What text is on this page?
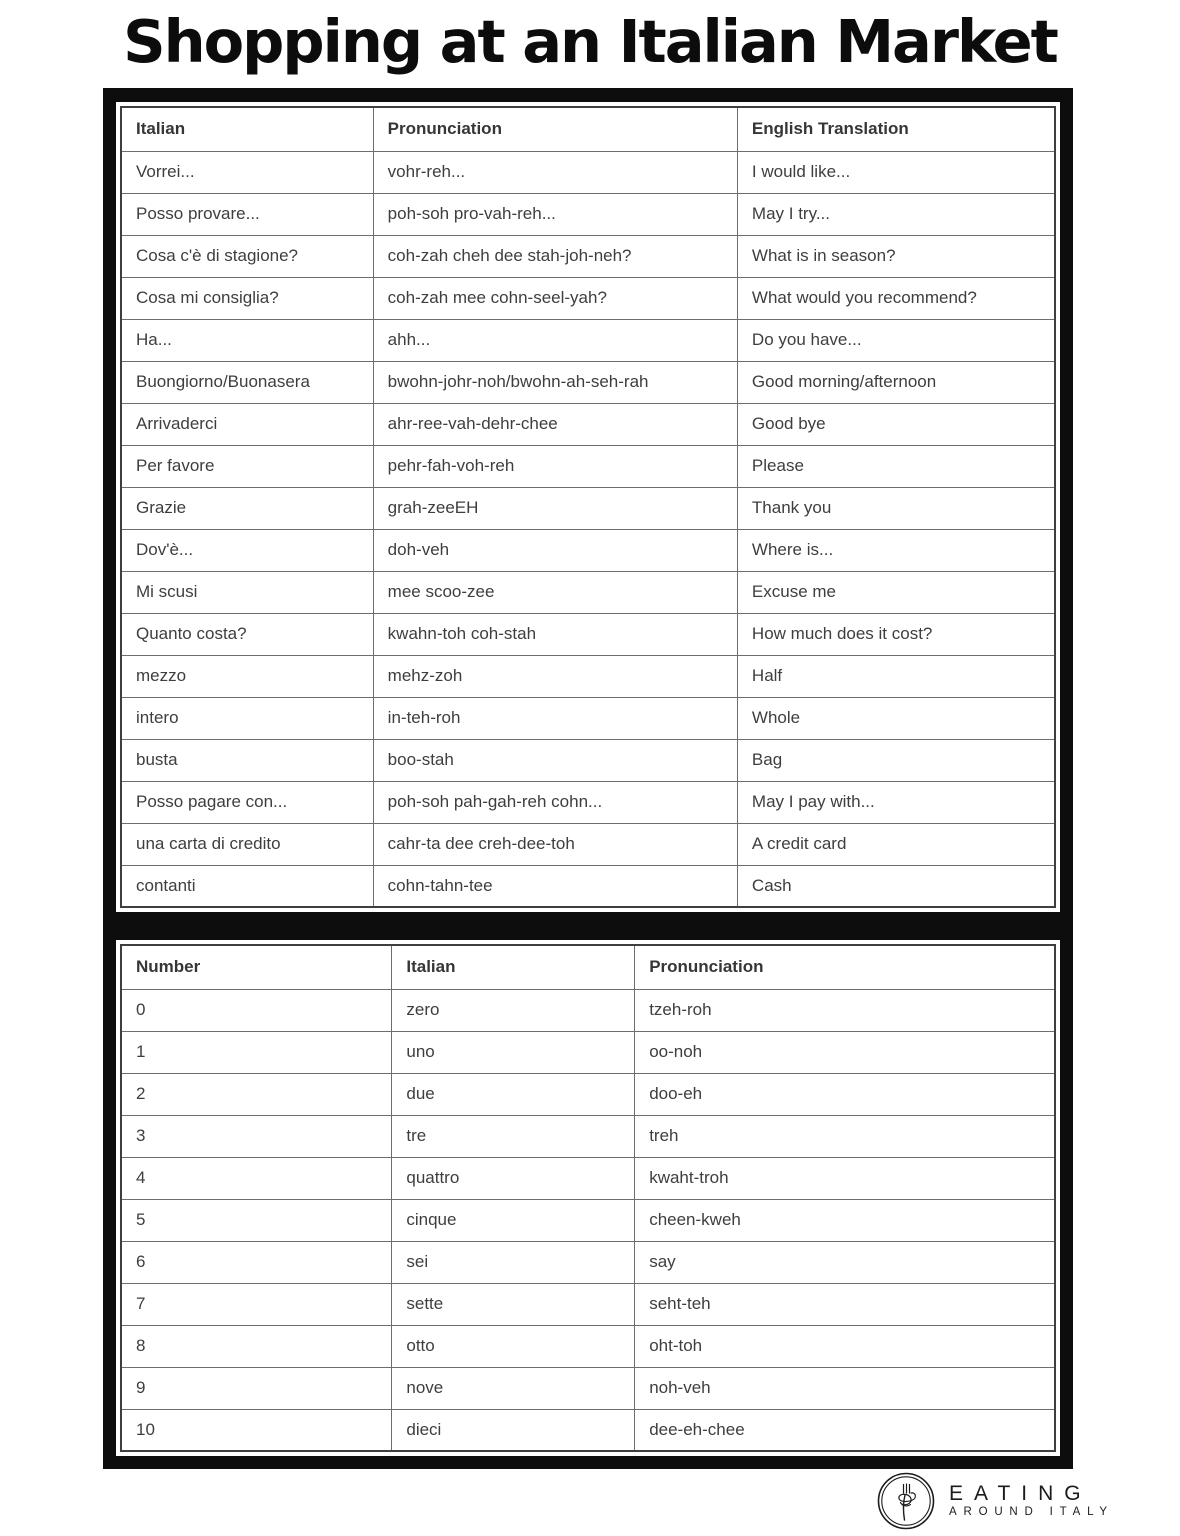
Shopping at an Italian Market
Italian	Pronunciation	English Translation
Vorrei...	vohr-reh...	I would like...
Posso provare...	poh-soh pro-vah-reh...	May I try...
Cosa c'è di stagione?	coh-zah cheh dee stah-joh-neh?	What is in season?
Cosa mi consiglia?	coh-zah mee cohn-seel-yah?	What would you recommend?
Ha...	ahh...	Do you have...
Buongiorno/Buonasera	bwohn-johr-noh/bwohn-ah-seh-rah	Good morning/afternoon
Arrivaderci	ahr-ree-vah-dehr-chee	Good bye
Per favore	pehr-fah-voh-reh	Please
Grazie	grah-zeeEH	Thank you
Dov'è...	doh-veh	Where is...
Mi scusi	mee scoo-zee	Excuse me
Quanto costa?	kwahn-toh coh-stah	How much does it cost?
mezzo	mehz-zoh	Half
intero	in-teh-roh	Whole
busta	boo-stah	Bag
Posso pagare con...	poh-soh pah-gah-reh cohn...	May I pay with...
una carta di credito	cahr-ta dee creh-dee-toh	A credit card
contanti	cohn-tahn-tee	Cash
Number	Italian	Pronunciation
0	zero	tzeh-roh
1	uno	oo-noh
2	due	doo-eh
3	tre	treh
4	quattro	kwaht-troh
5	cinque	cheen-kweh
6	sei	say
7	sette	seht-teh
8	otto	oht-toh
9	nove	noh-veh
10	dieci	dee-eh-chee
EATING
AROUND ITALY
